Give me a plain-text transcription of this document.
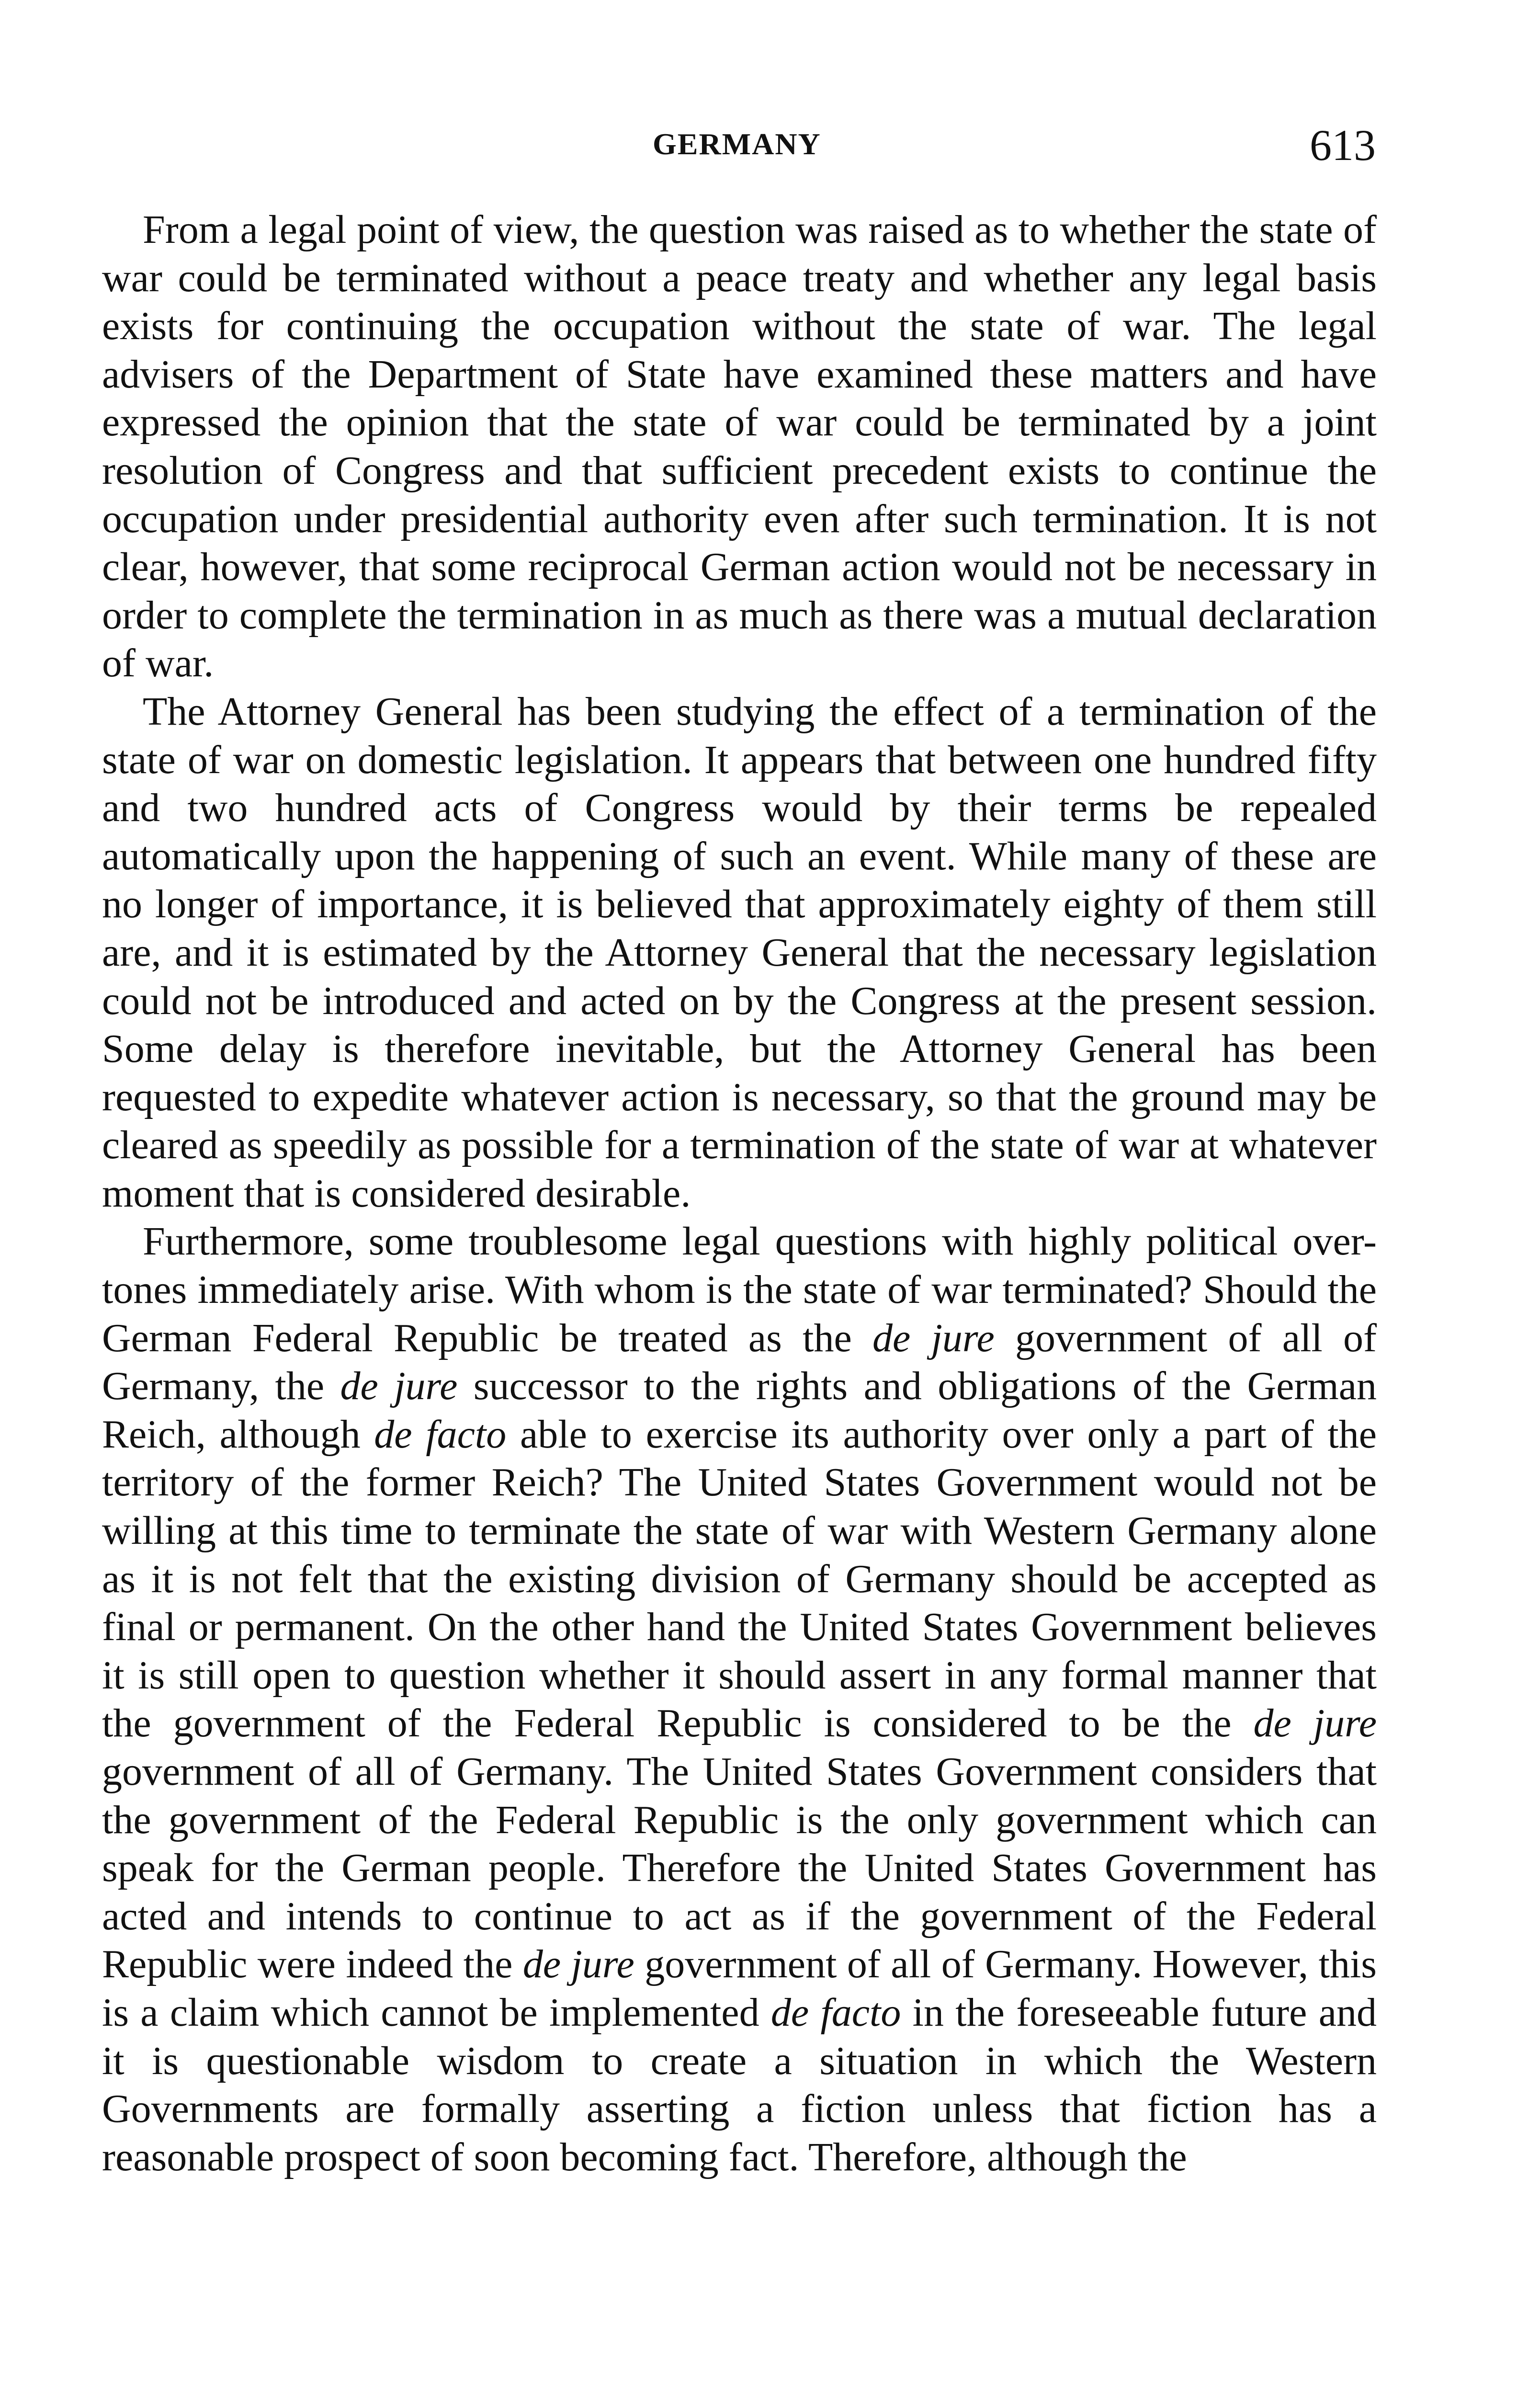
GERMANY	613

From a legal point of view, the question was raised as to whether the state of war could be terminated without a peace treaty and whether any legal basis exists for continuing the occupation without the state of war. The legal advisers of the Department of State have examined these matters and have expressed the opinion that the state of war could be terminated by a joint resolution of Congress and that sufficient precedent exists to continue the occupation under presidential authority even after such termination. It is not clear, however, that some reciprocal German action would not be necessary in order to complete the termination in as much as there was a mutual declaration of war.

The Attorney General has been studying the effect of a termination of the state of war on domestic legislation. It appears that between one hundred fifty and two hundred acts of Congress would by their terms be repealed automatically upon the happening of such an event. While many of these are no longer of importance, it is believed that approximately eighty of them still are, and it is estimated by the Attorney General that the necessary legislation could not be introduced and acted on by the Congress at the present session. Some delay is therefore inevitable, but the Attorney General has been requested to expedite whatever action is necessary, so that the ground may be cleared as speedily as possible for a termination of the state of war at whatever moment that is considered desirable.

Furthermore, some troublesome legal questions with highly political over-tones immediately arise. With whom is the state of war terminated? Should the German Federal Republic be treated as the de jure government of all of Germany, the de jure successor to the rights and obligations of the German Reich, although de facto able to exercise its authority over only a part of the territory of the former Reich? The United States Government would not be willing at this time to terminate the state of war with Western Germany alone as it is not felt that the existing division of Germany should be accepted as final or permanent. On the other hand the United States Government believes it is still open to question whether it should assert in any formal manner that the government of the Federal Republic is considered to be the de jure government of all of Germany. The United States Government considers that the government of the Federal Republic is the only government which can speak for the German people. Therefore the United States Government has acted and intends to continue to act as if the government of the Federal Republic were indeed the de jure government of all of Germany. However, this is a claim which cannot be implemented de facto in the foreseeable future and it is questionable wisdom to create a situation in which the Western Governments are formally asserting a fiction unless that fiction has a reasonable prospect of soon becoming fact. Therefore, although the
